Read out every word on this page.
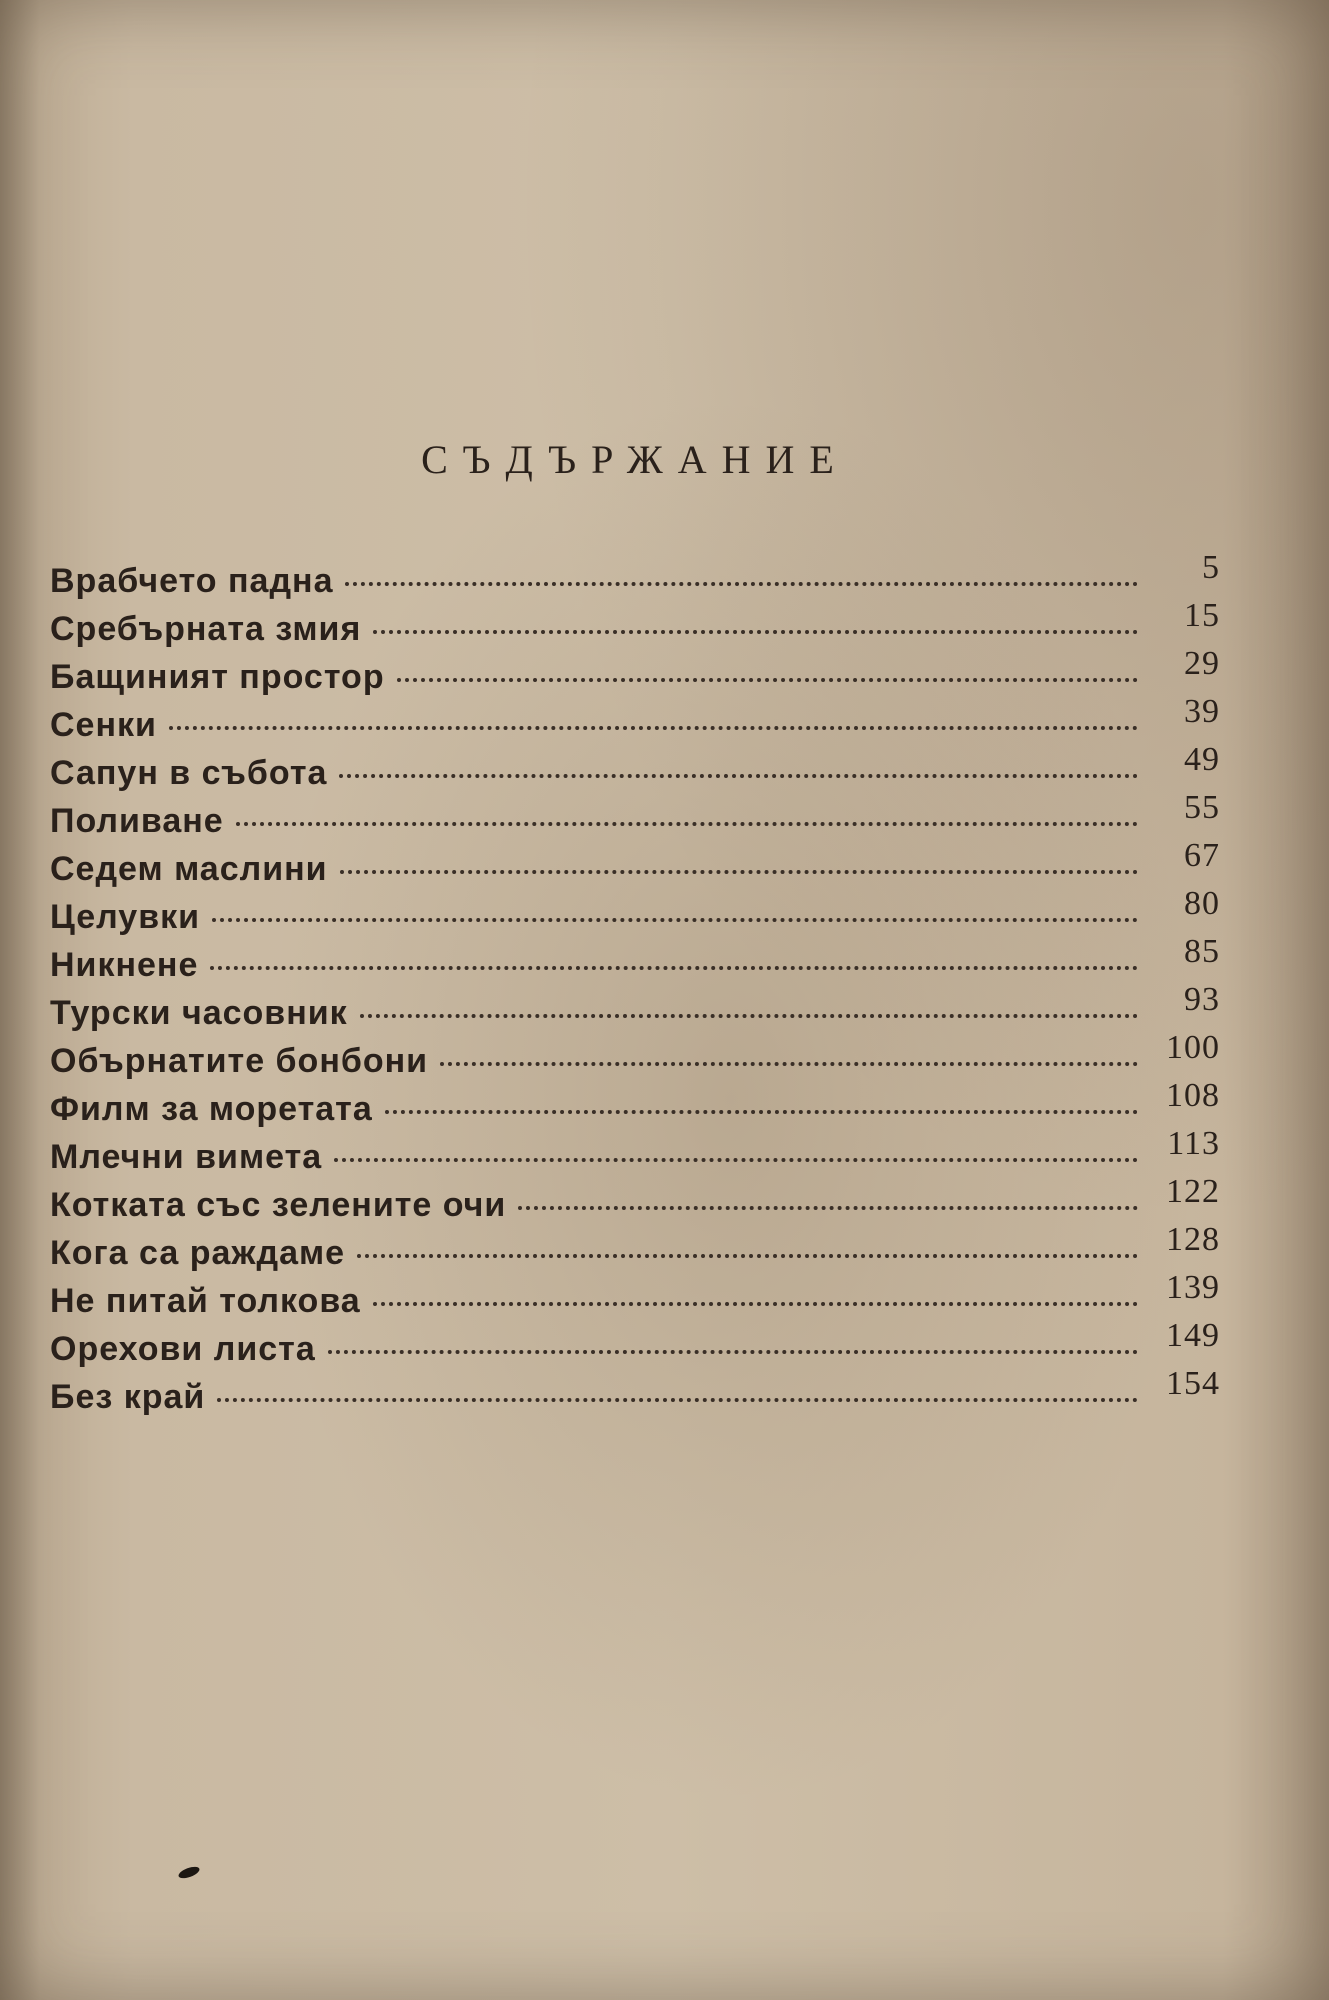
СЪДЪРЖАНИЕ
Врабчето падна	5
Сребърната змия	15
Бащиният простор	29
Сенки	39
Сапун в събота	49
Поливане	55
Седем маслини	67
Целувки	80
Никнене	85
Турски часовник	93
Обърнатите бонбони	100
Филм за моретата	108
Млечни вимета	113
Котката със зелените очи	122
Кога са раждаме	128
Не питай толкова	139
Орехови листа	149
Без край	154
